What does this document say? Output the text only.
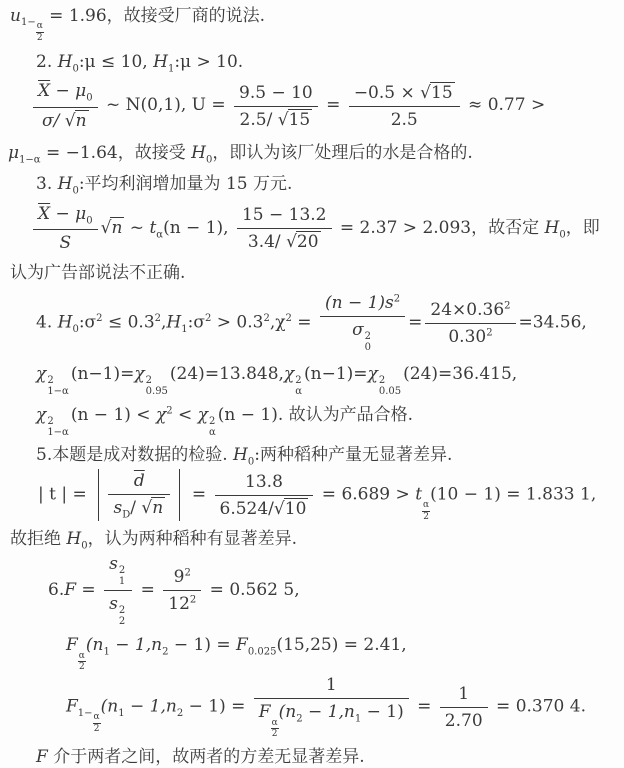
$u_{1- \frac{\alpha}{2}}$
= 1.96，故接受厂商的说法.
2. $H_0:\mu \le 10$, $H_1:\mu > 10$.
$\frac{\overline{X} - \mu_0}{\sigma/ √n}$ ~ N(0,1), $U = \frac{9.5 - 10}{2.5/ √15} = \frac{-0.5 \times √15}{2.5} \approx 0.77$ >
$\mu_{1-\alpha} = -1.64$，故接受 $H_0$，即认为该厂处理后的水是合格的.
3. $H_0$:平均利润增加量为 15 万元.
$\frac{\overline{X} - \mu_0}{S} √n$ ~ $t_\alpha(n - 1)$, $\frac{15 - 13.2}{3.4/ √20} = 2.37 > 2.093$，故否定 $H_0$，即
认为广告部说法不正确.
4. $H_0:\sigma^2$ ≤ $0.3^2,H_1:\sigma^2 > 0.3^2,\chi^2 = (n - 1)s^2$
σ 2
$0 = \frac{24\times 0.36^2}{0.30^2} =34.56$,
χ 2
1−α
(n−1)=χ 2
0.95
(24)=13.848,χ 2
α
(n−1)=χ 2
0.05
(24)=36.415,
χ 2
1−α
$(n - 1) < \chi^2 < \chi$ 2
α
(n − 1). 故认为产品合格.
5.本题是成对数据的检验. $H_0$:两种稻种产量无显著差异.
| t | = $\frac{\overline{d}}{s_D/ √n} = \frac{13.8}{6.524/√10} = 6.689 > t$
$_{\frac{\alpha}{2}}$
(10 − 1) = 1.833 1,
故拒绝 $H_0$，认为两种稻种有显著差异.
6.F = s 2
1
s 2
$2 = \frac{9^2}{12^2} = 0.562$ 5,
F
$_{\frac{\alpha}{2}}$
$(n_1 - 1,n_2 - 1) = F_{0.025}(15,25) = 2.41$,
$F_{1- \frac{\alpha}{2}}$
$(n_1 - 1,n_2 - 1) = 1$
F
$_{\frac{\alpha}{2}}$
$(n_2 - 1,n_1 - 1) = \frac{1}{2.70} = 0.370$ 4.
F 介于两者之间，故两者的方差无显著差异.
